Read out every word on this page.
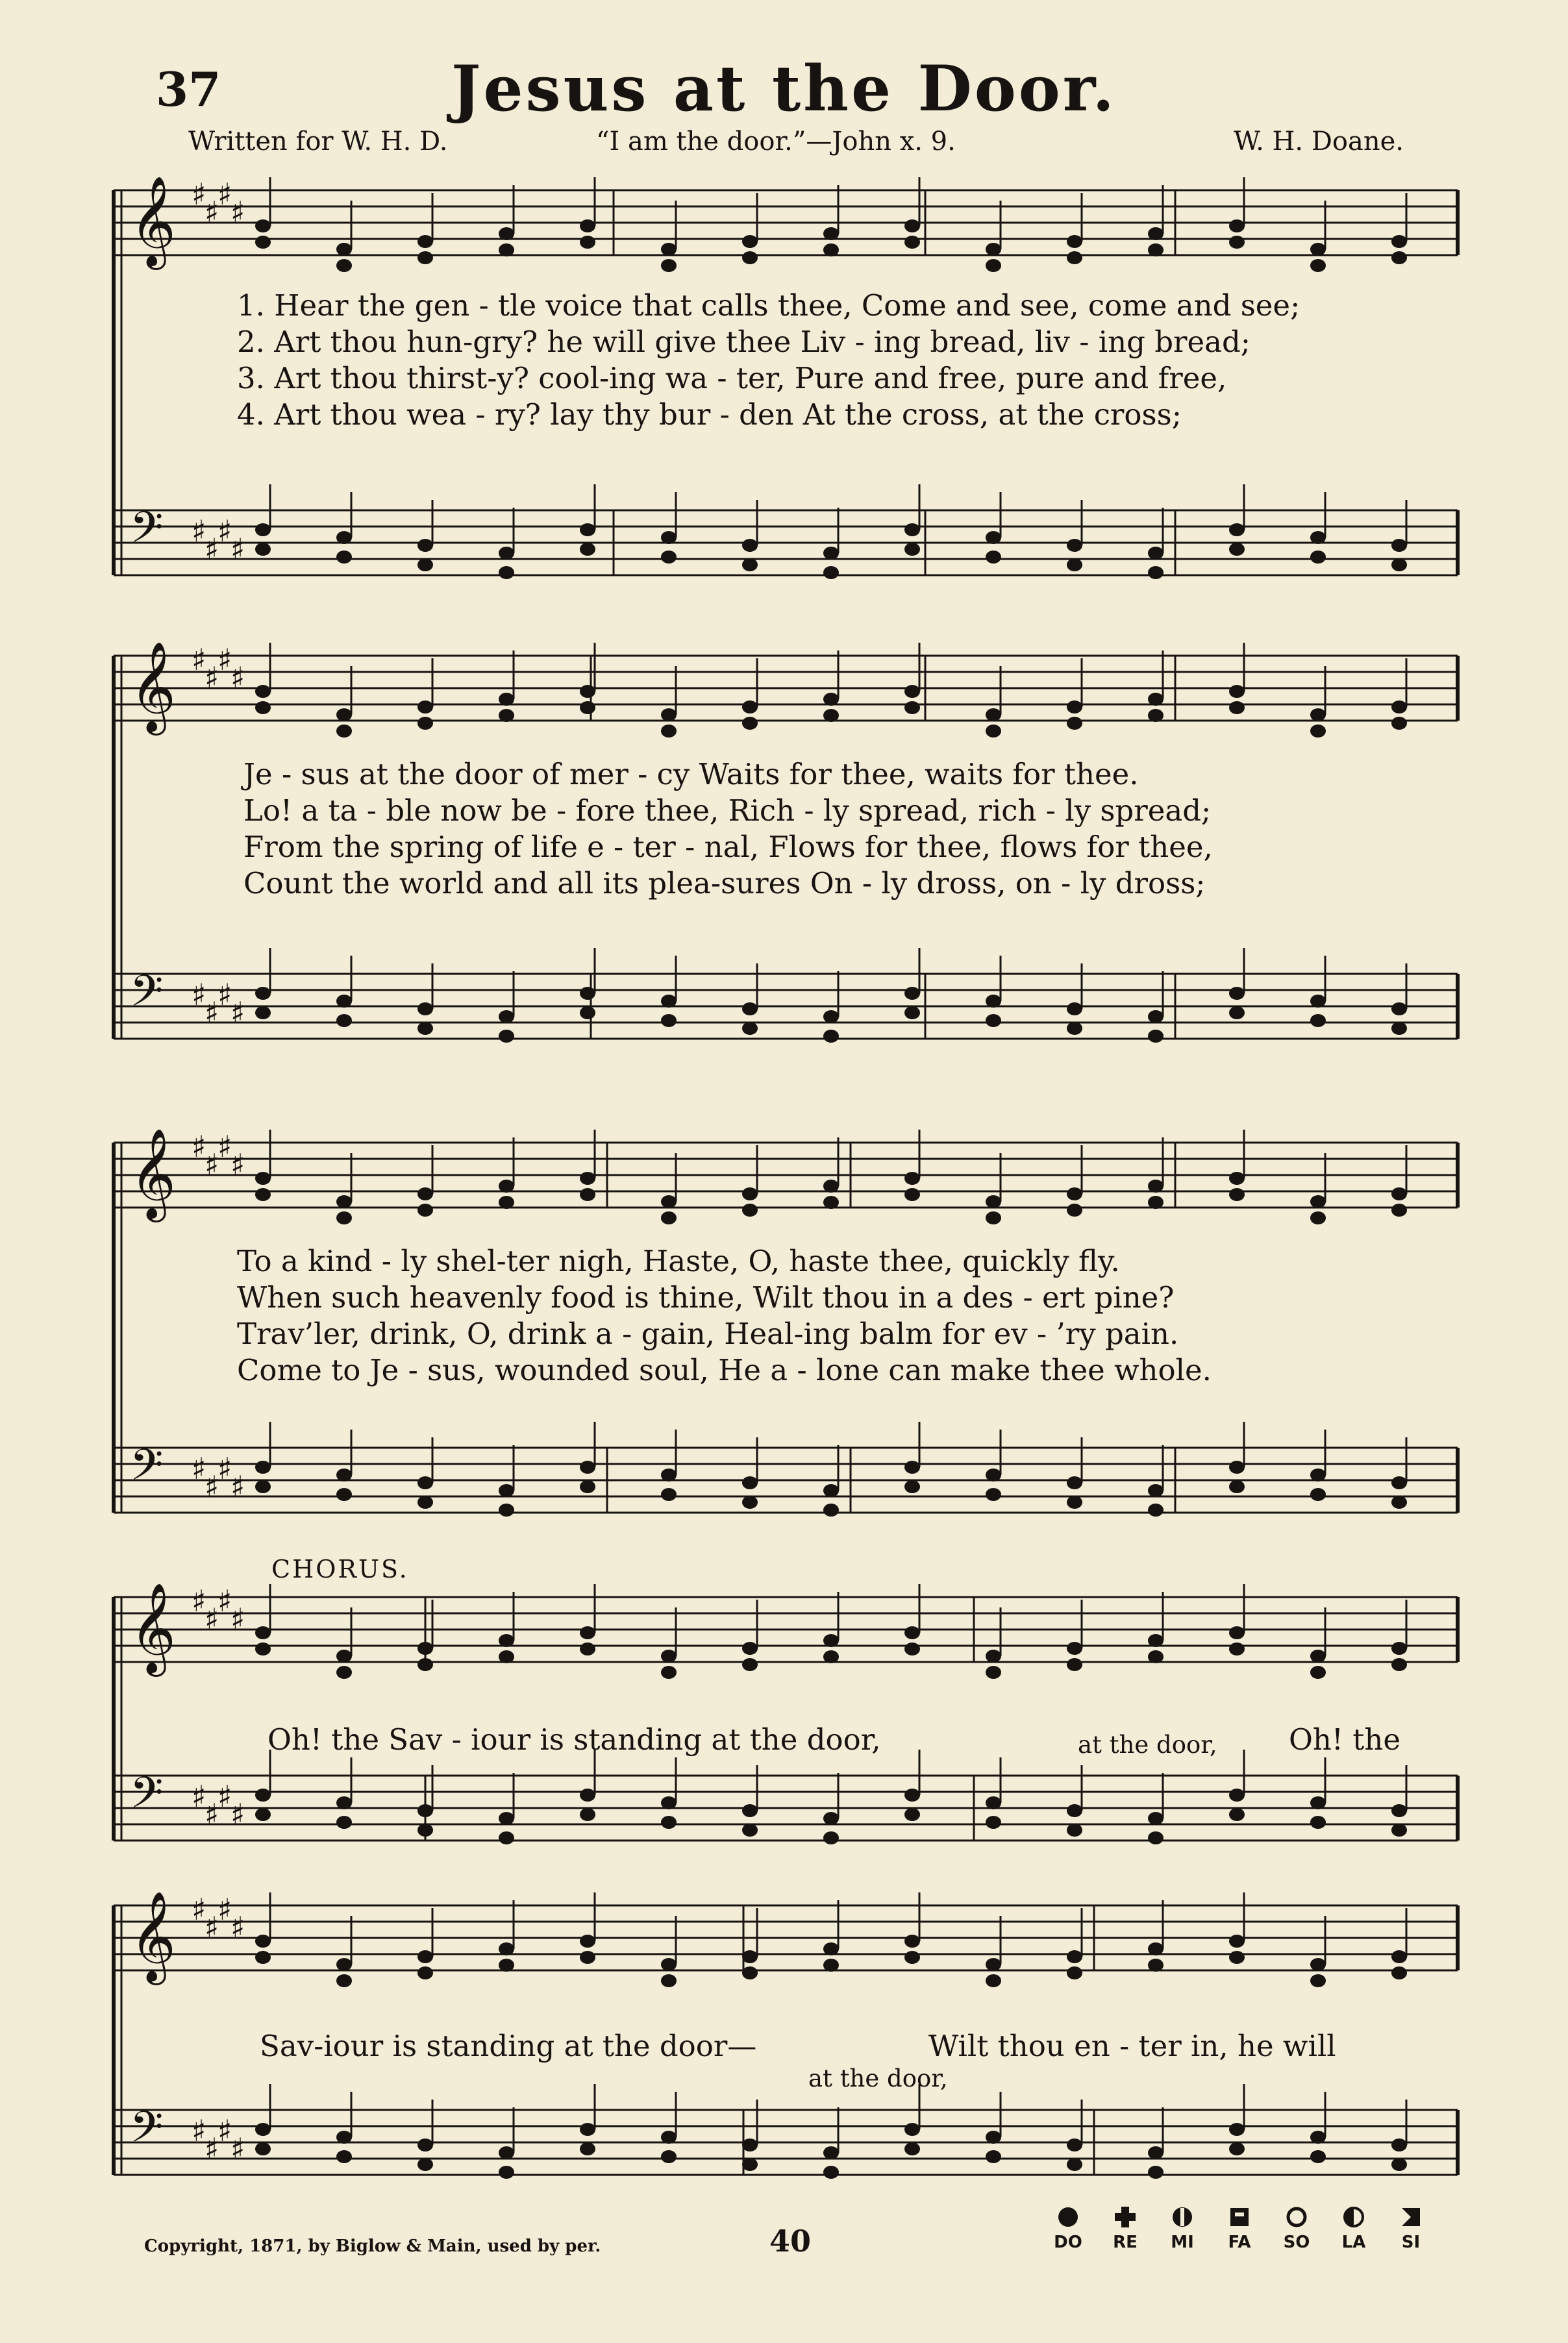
37	Jesus at the Door.
Written for W. H. D.	“I am the door.”—John x. 9.	W. H. Doane.
𝄞
𝄢
♯
♯
♯
♯
♯
♯
♯
♯
𝄞
𝄢
♯
♯
♯
♯
♯
♯
♯
♯
𝄞
𝄢
♯
♯
♯
♯
♯
♯
♯
♯
𝄞
𝄢
♯
♯
♯
♯
♯
♯
♯
♯
𝄞
𝄢
♯
♯
♯
♯
♯
♯
♯
♯
1. Hear the gen - tle voice that calls thee, Come and see, come and see;
2. Art thou hun-gry? he will give thee Liv - ing bread, liv - ing bread;
3. Art thou thirst-y? cool-ing wa - ter, Pure and free, pure and free,
4. Art thou wea - ry? lay thy bur - den At the cross, at the cross;
Je - sus at the door of mer - cy Waits for thee, waits for thee.
Lo! a ta - ble now be - fore thee, Rich - ly spread, rich - ly spread;
From the spring of life e - ter - nal, Flows for thee, flows for thee,
Count the world and all its plea-sures On - ly dross, on - ly dross;
To a kind - ly shel-ter nigh, Haste, O, haste thee, quickly fly.
When such heavenly food is thine, Wilt thou in a des - ert pine?
Trav’ler, drink, O, drink a - gain, Heal-ing balm for ev - ’ry pain.
Come to Je - sus, wounded soul, He a - lone can make thee whole.
CHORUS.
Oh! the Sav - iour is standing at the door,	at the door, Oh! the
Sav-iour is standing at the door—	Wilt thou en - ter in, he will
at the door,
Copyright, 1871, by Biglow & Main, used by per.	40	DO	RE	MI	FA	SO	LA	SI
